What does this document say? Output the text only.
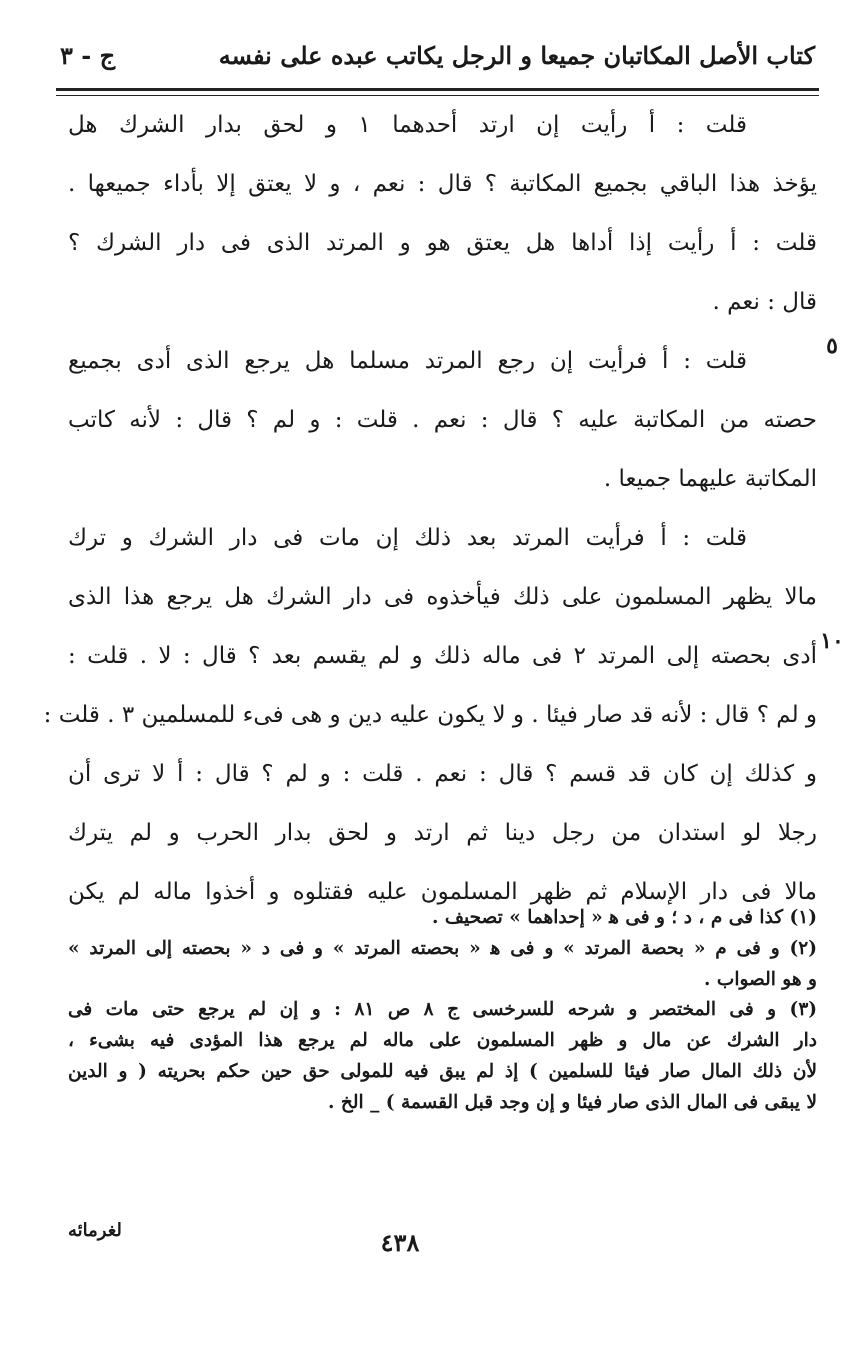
كتاب الأصل المكاتبان جميعا و الرجل يكاتب عبده على نفسه
ج - ٣
قلت : أ رأيت إن ارتد أحدهما ۱ و لحق بدار الشرك هل
يؤخذ هذا الباقي بجميع المكاتبة ؟ قال : نعم ، و لا يعتق إلا بأداء جميعها .
قلت : أ رأيت إذا أداها هل يعتق هو و المرتد الذى فى دار الشرك ؟
قال : نعم .
قلت : أ فرأيت إن رجع المرتد مسلما هل يرجع الذى أدى بجميع
حصته من المكاتبة عليه ؟ قال : نعم . قلت : و لم ؟ قال : لأنه كاتب
المكاتبة عليهما جميعا .
قلت : أ فرأيت المرتد بعد ذلك إن مات فى دار الشرك و ترك
مالا يظهر المسلمون على ذلك فيأخذوه فى دار الشرك هل يرجع هذا الذى
أدى بحصته إلى المرتد ۲ فى ماله ذلك و لم يقسم بعد ؟ قال : لا . قلت :
و لم ؟ قال : لأنه قد صار فيئا . و لا يكون عليه دين و هى فىء للمسلمين ۳ . قلت :
و كذلك إن كان قد قسم ؟ قال : نعم . قلت : و لم ؟ قال : أ لا ترى أن
رجلا لو استدان من رجل دينا ثم ارتد و لحق بدار الحرب و لم يترك
مالا فى دار الإسلام ثم ظهر المسلمون عليه فقتلوه و أخذوا ماله لم يكن
٥
١٠
(١) كذا فى م ، د ؛ و فى ﻫ « إحداهما » تصحيف .
(٢) و فى م « بحصة المرتد » و فى ﻫ « بحصته المرتد » و فى د « بحصته إلى المرتد »
و هو الصواب .
(٣) و فى المختصر و شرحه للسرخسى ج ٨ ص ٨١ : و إن لم يرجع حتى مات فى
دار الشرك عن مال و ظهر المسلمون على ماله لم يرجع هذا المؤدى فيه بشىء ،
لأن ذلك المال صار فيئا للسلمين ) إذ لم يبق فيه للمولى حق حين حكم بحريته ( و الدين
لا يبقى فى المال الذى صار فيئا و إن وجد قبل القسمة ) _ الخ .
٤٣٨
لغرمائه
